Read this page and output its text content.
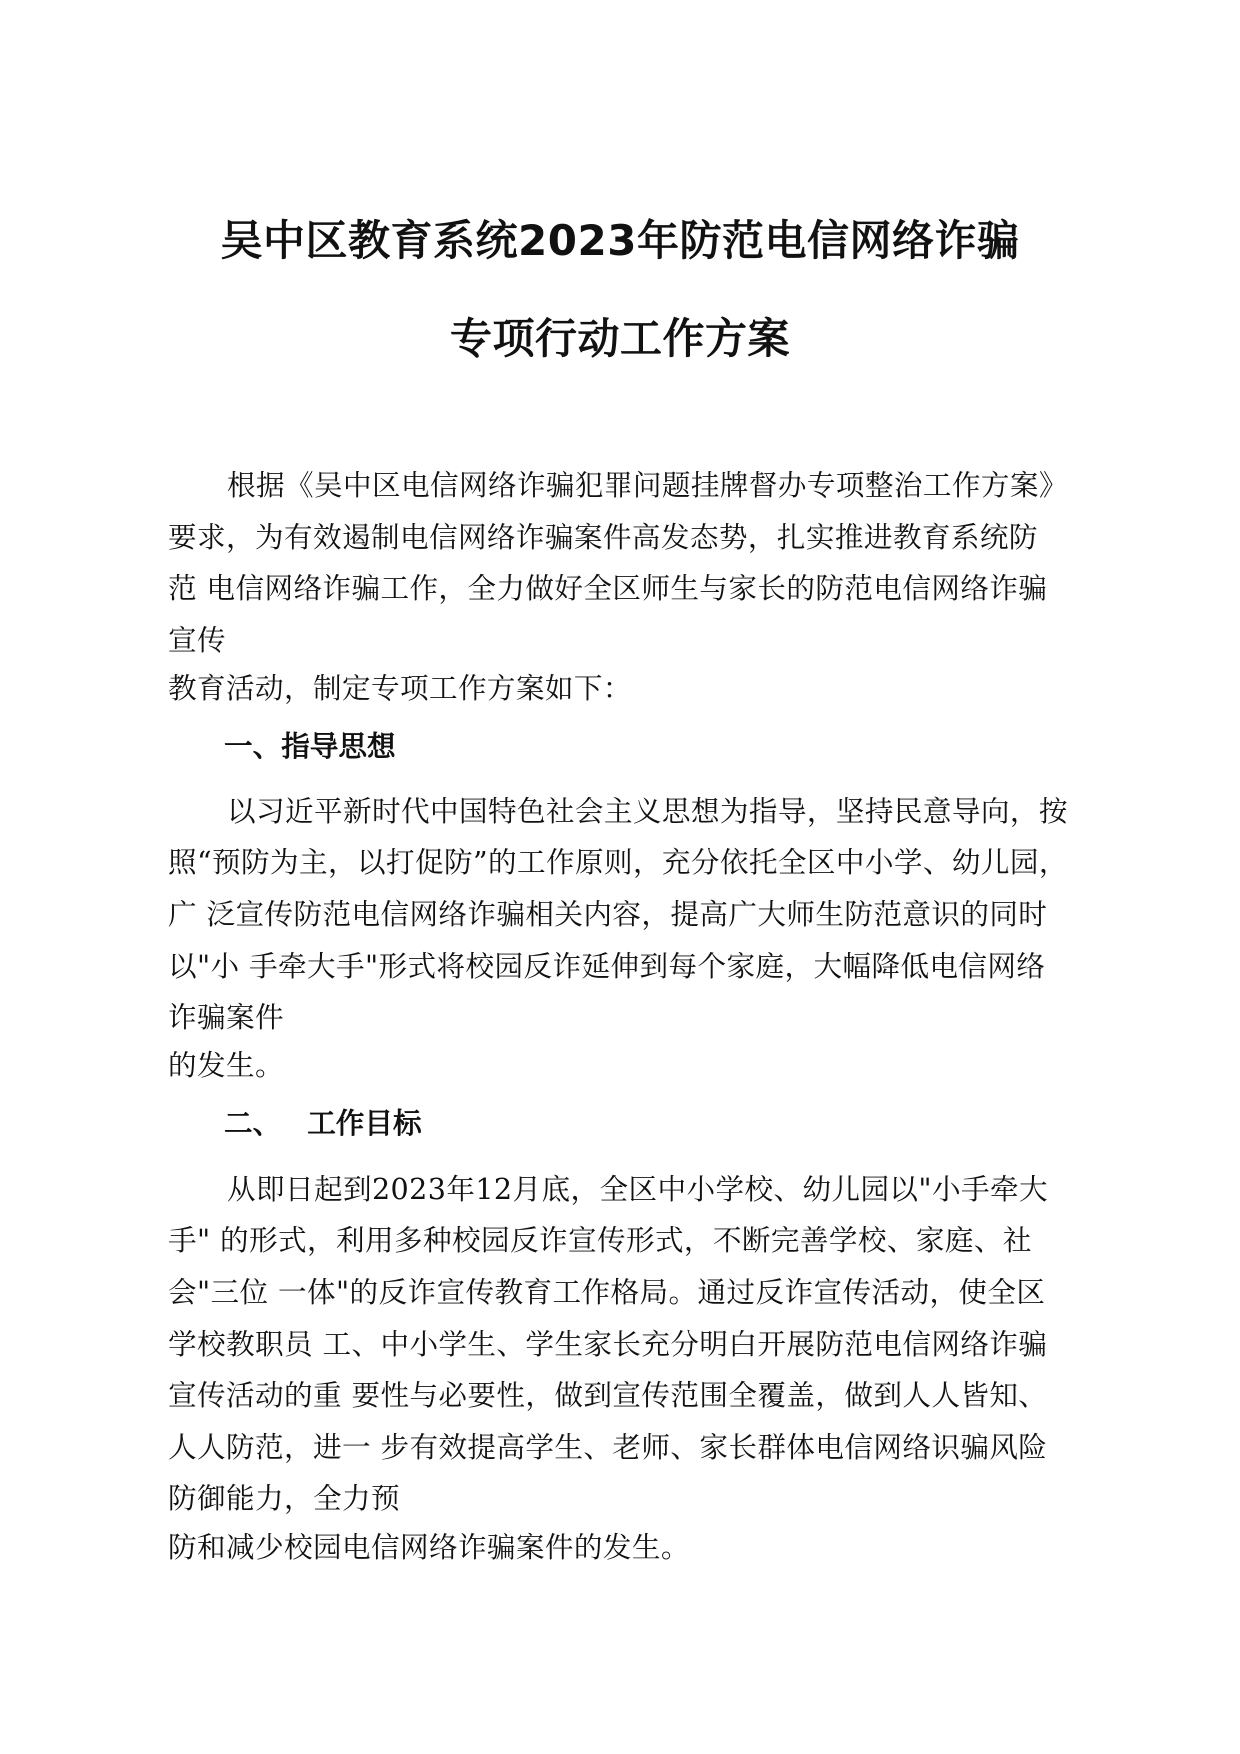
吴中区教育系统2023年防范电信网络诈骗
专项行动工作方案
根据《吴中区电信网络诈骗犯罪问题挂牌督办专项整治工作方案》
要求，为有效遏制电信网络诈骗案件高发态势，扎实推进教育系统防
范 电信网络诈骗工作，全力做好全区师生与家长的防范电信网络诈骗
宣传
教育活动，制定专项工作方案如下：
一、指导思想
以习近平新时代中国特色社会主义思想为指导，坚持民意导向，按
照“预防为主，以打促防”的工作原则，充分依托全区中小学、幼儿园，
广 泛宣传防范电信网络诈骗相关内容，提高广大师生防范意识的同时
以"小 手牵大手"形式将校园反诈延伸到每个家庭，大幅降低电信网络
诈骗案件
的发生。
二、 工作目标
从即日起到2023年12月底，全区中小学校、幼儿园以"小手牵大
手" 的形式，利用多种校园反诈宣传形式，不断完善学校、家庭、社
会"三位 一体"的反诈宣传教育工作格局。通过反诈宣传活动，使全区
学校教职员 工、中小学生、学生家长充分明白开展防范电信网络诈骗
宣传活动的重 要性与必要性，做到宣传范围全覆盖，做到人人皆知、
人人防范，进一 步有效提高学生、老师、家长群体电信网络识骗风险
防御能力，全力预
防和减少校园电信网络诈骗案件的发生。
